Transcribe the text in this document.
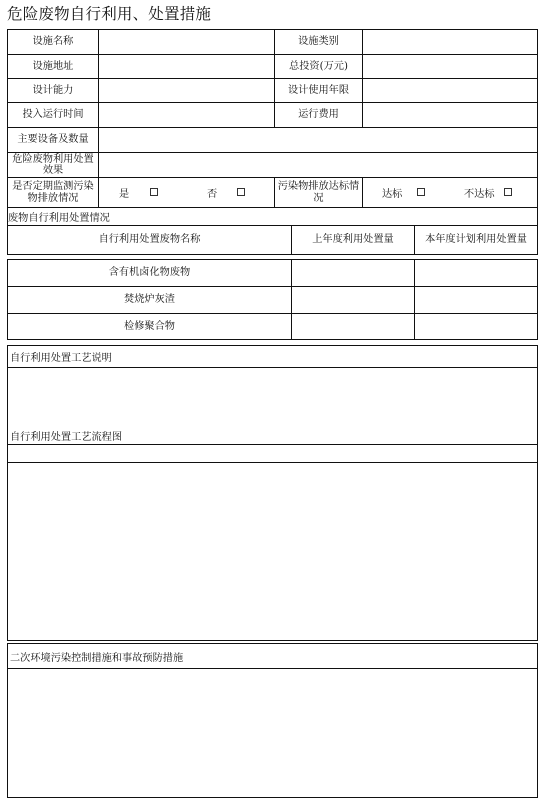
危险废物自行利用、处置措施
设施名称	设施类别
设施地址	总投资(万元)
设计能力	设计使用年限
投入运行时间	运行费用
主要设备及数量
危险废物利用处置效果
是否定期监测污染物排放情况	是	否
污染物排放达标情况	达标	不达标
废物自行利用处置情况
自行利用处置废物名称	上年度利用处置量	本年度计划利用处置量
含有机卤化物废物
焚烧炉灰渣
检修聚合物
自行利用处置工艺说明
自行利用处置工艺流程图
二次环境污染控制措施和事故预防措施
